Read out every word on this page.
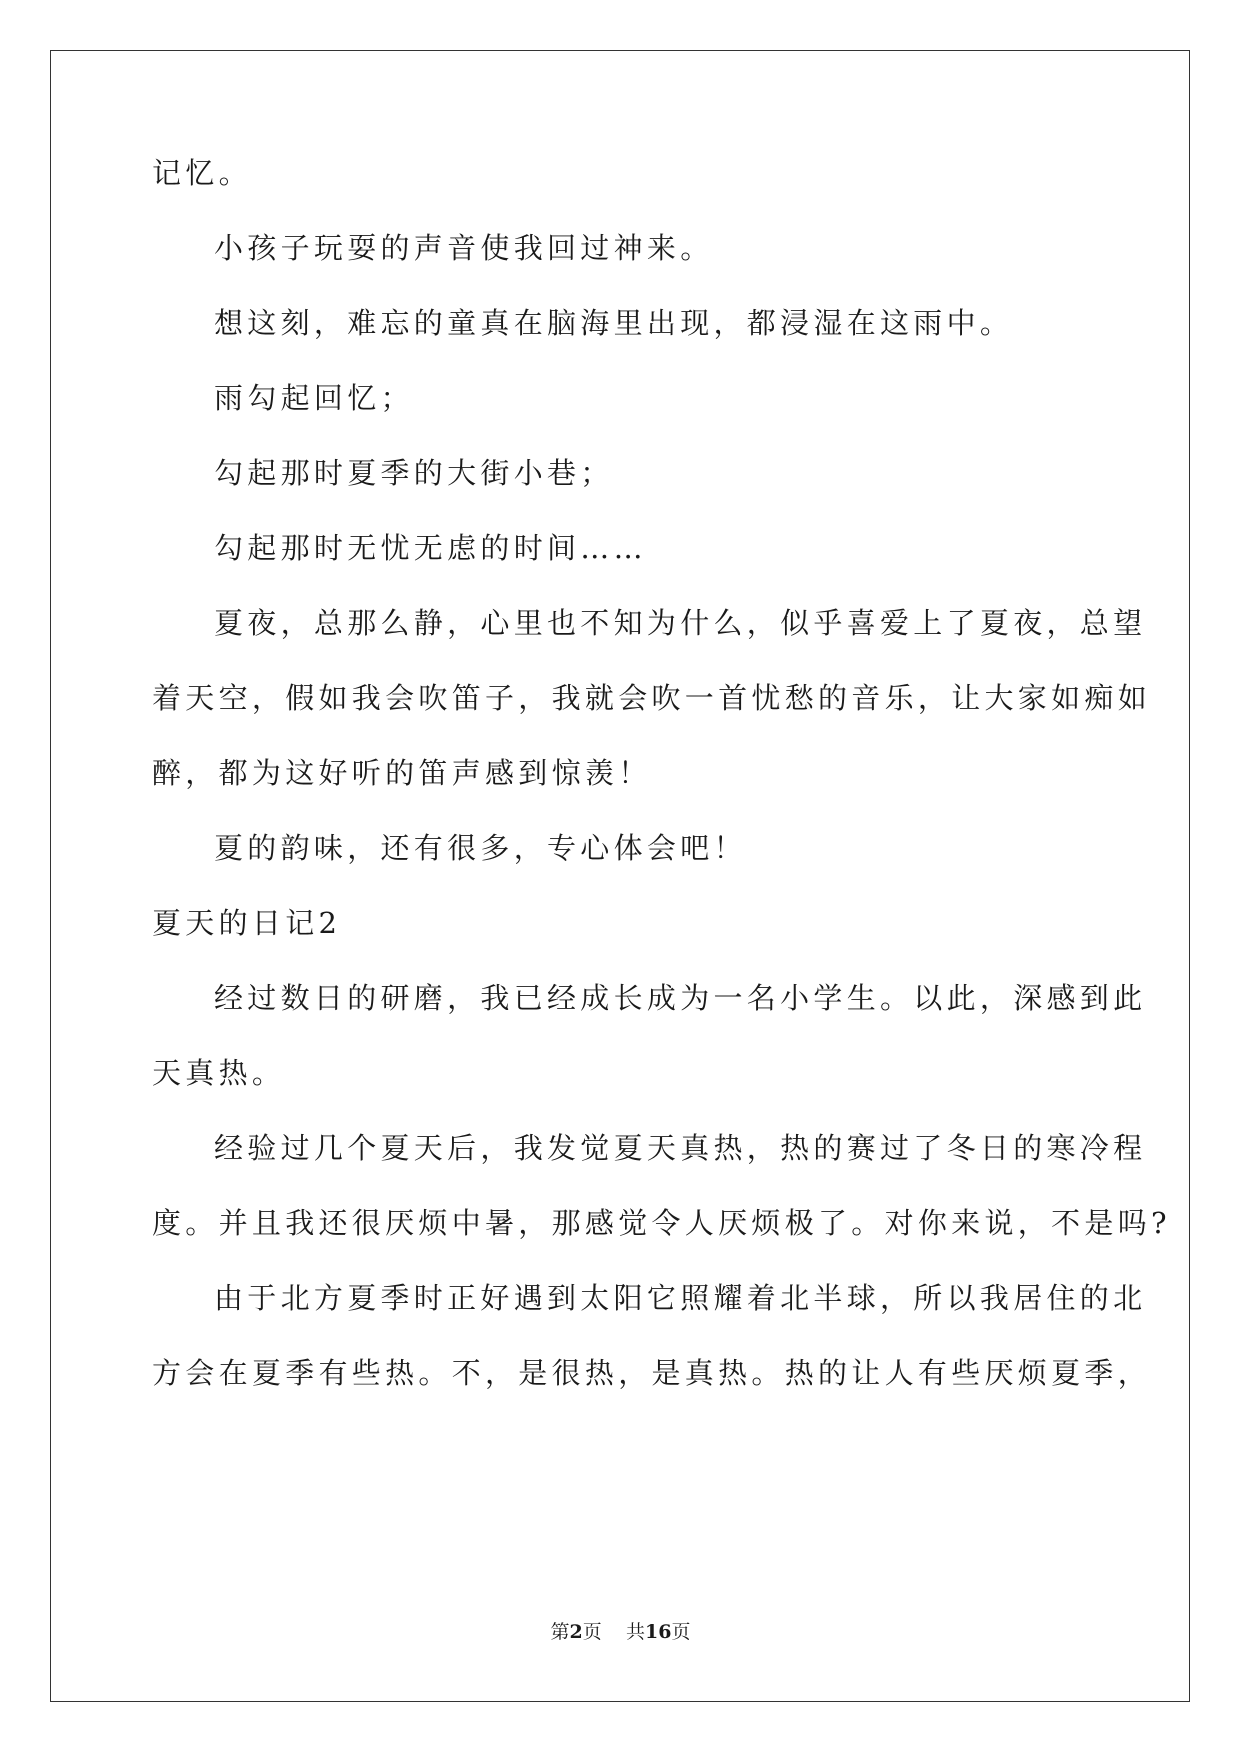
记忆。
小孩子玩耍的声音使我回过神来。
想这刻，难忘的童真在脑海里出现，都浸湿在这雨中。
雨勾起回忆；
勾起那时夏季的大街小巷；
勾起那时无忧无虑的时间……
夏夜，总那么静，心里也不知为什么，似乎喜爱上了夏夜，总望
着天空，假如我会吹笛子，我就会吹一首忧愁的音乐，让大家如痴如
醉，都为这好听的笛声感到惊羡！
夏的韵味，还有很多，专心体会吧！
夏天的日记2
经过数日的研磨，我已经成长成为一名小学生。以此，深感到此
天真热。
经验过几个夏天后，我发觉夏天真热，热的赛过了冬日的寒冷程
度。并且我还很厌烦中暑，那感觉令人厌烦极了。对你来说，不是吗?
由于北方夏季时正好遇到太阳它照耀着北半球，所以我居住的北
方会在夏季有些热。不，是很热，是真热。热的让人有些厌烦夏季，
第2页 共16页
